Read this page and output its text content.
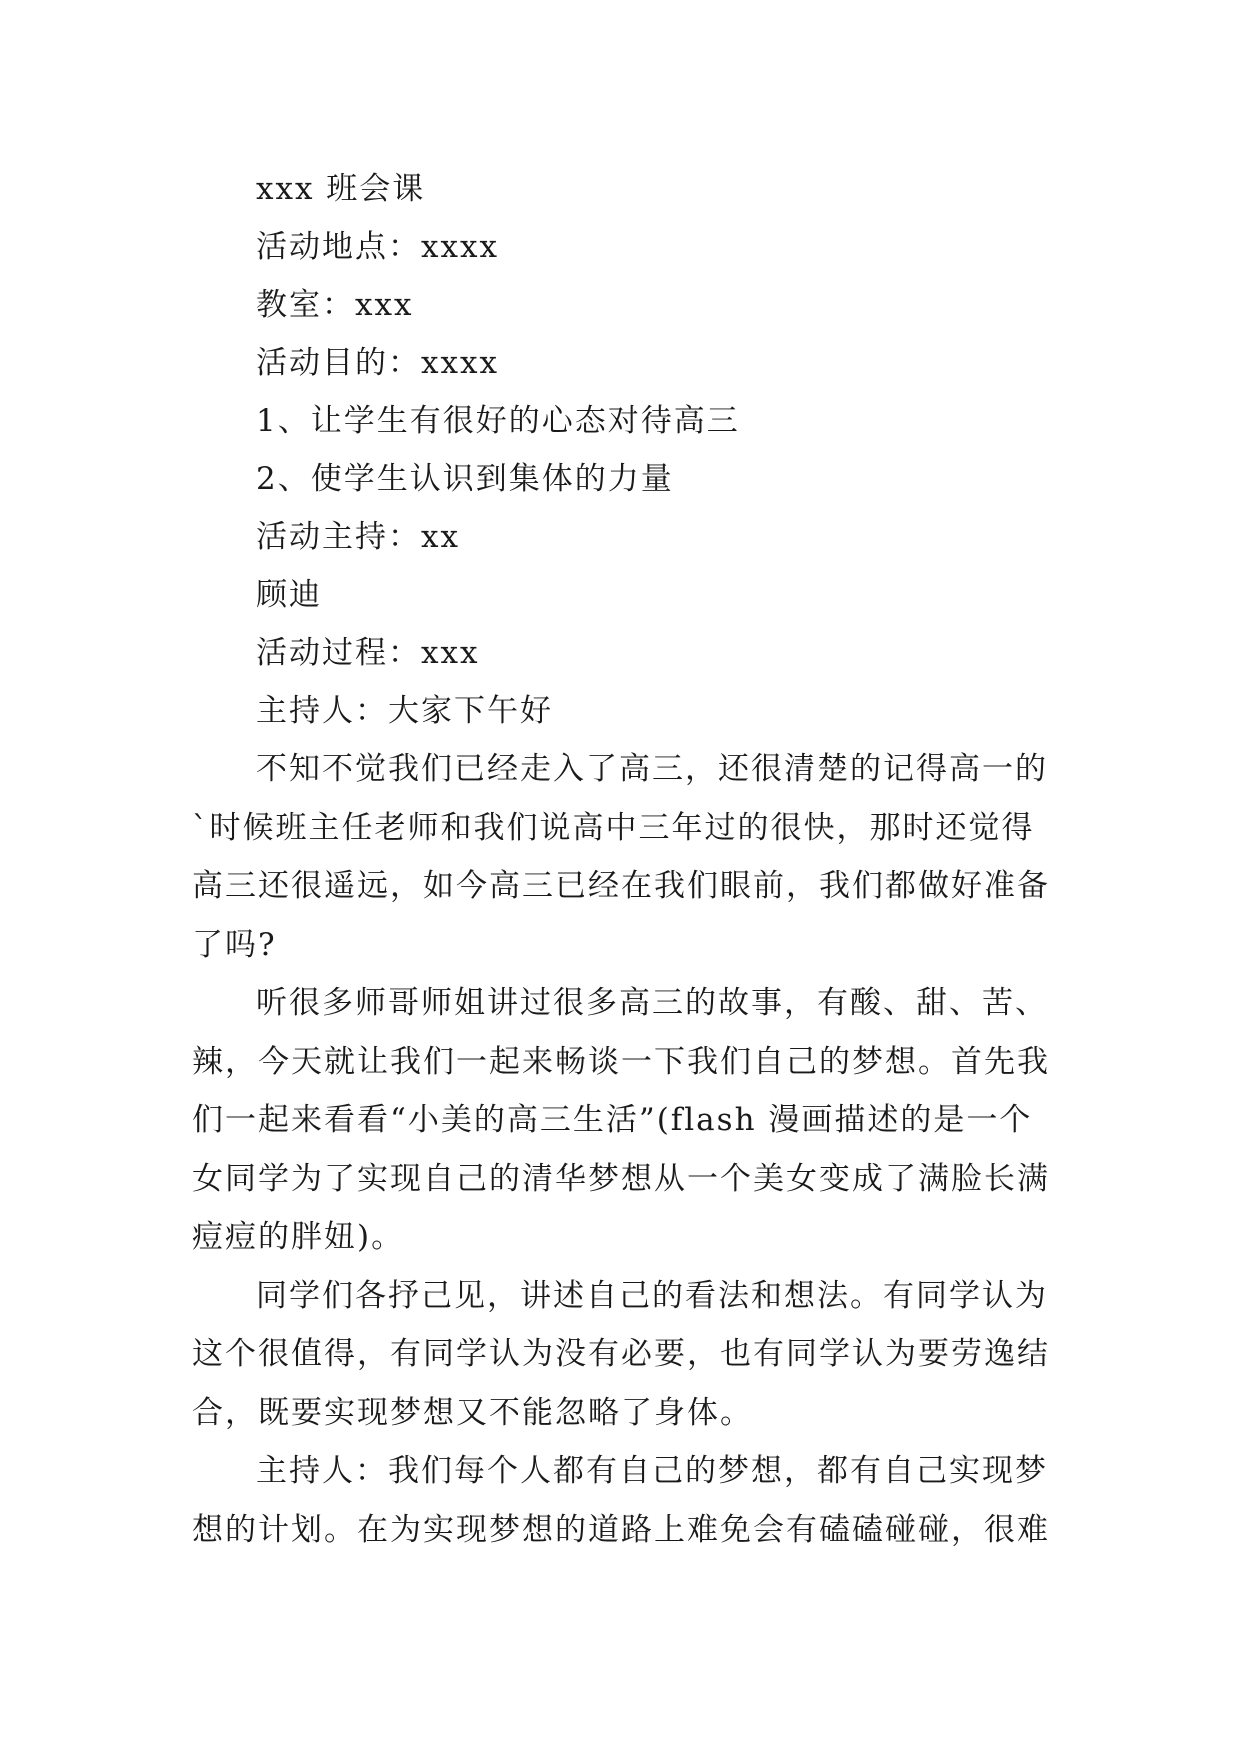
xxx 班会课
活动地点：xxxx
教室：xxx
活动目的：xxxx
1、让学生有很好的心态对待高三
2、使学生认识到集体的力量
活动主持：xx
顾迪
活动过程：xxx
主持人：大家下午好

不知不觉我们已经走入了高三，还很清楚的记得高一的`时候班主任老师和我们说高中三年过的很快，那时还觉得高三还很遥远，如今高三已经在我们眼前，我们都做好准备了吗?

听很多师哥师姐讲过很多高三的故事，有酸、甜、苦、辣，今天就让我们一起来畅谈一下我们自己的梦想。首先我们一起来看看“小美的高三生活”(flash 漫画描述的是一个女同学为了实现自己的清华梦想从一个美女变成了满脸长满痘痘的胖妞)。

同学们各抒己见，讲述自己的看法和想法。有同学认为这个很值得，有同学认为没有必要，也有同学认为要劳逸结合，既要实现梦想又不能忽略了身体。

主持人：我们每个人都有自己的梦想，都有自己实现梦想的计划。在为实现梦想的道路上难免会有磕磕碰碰，很难
